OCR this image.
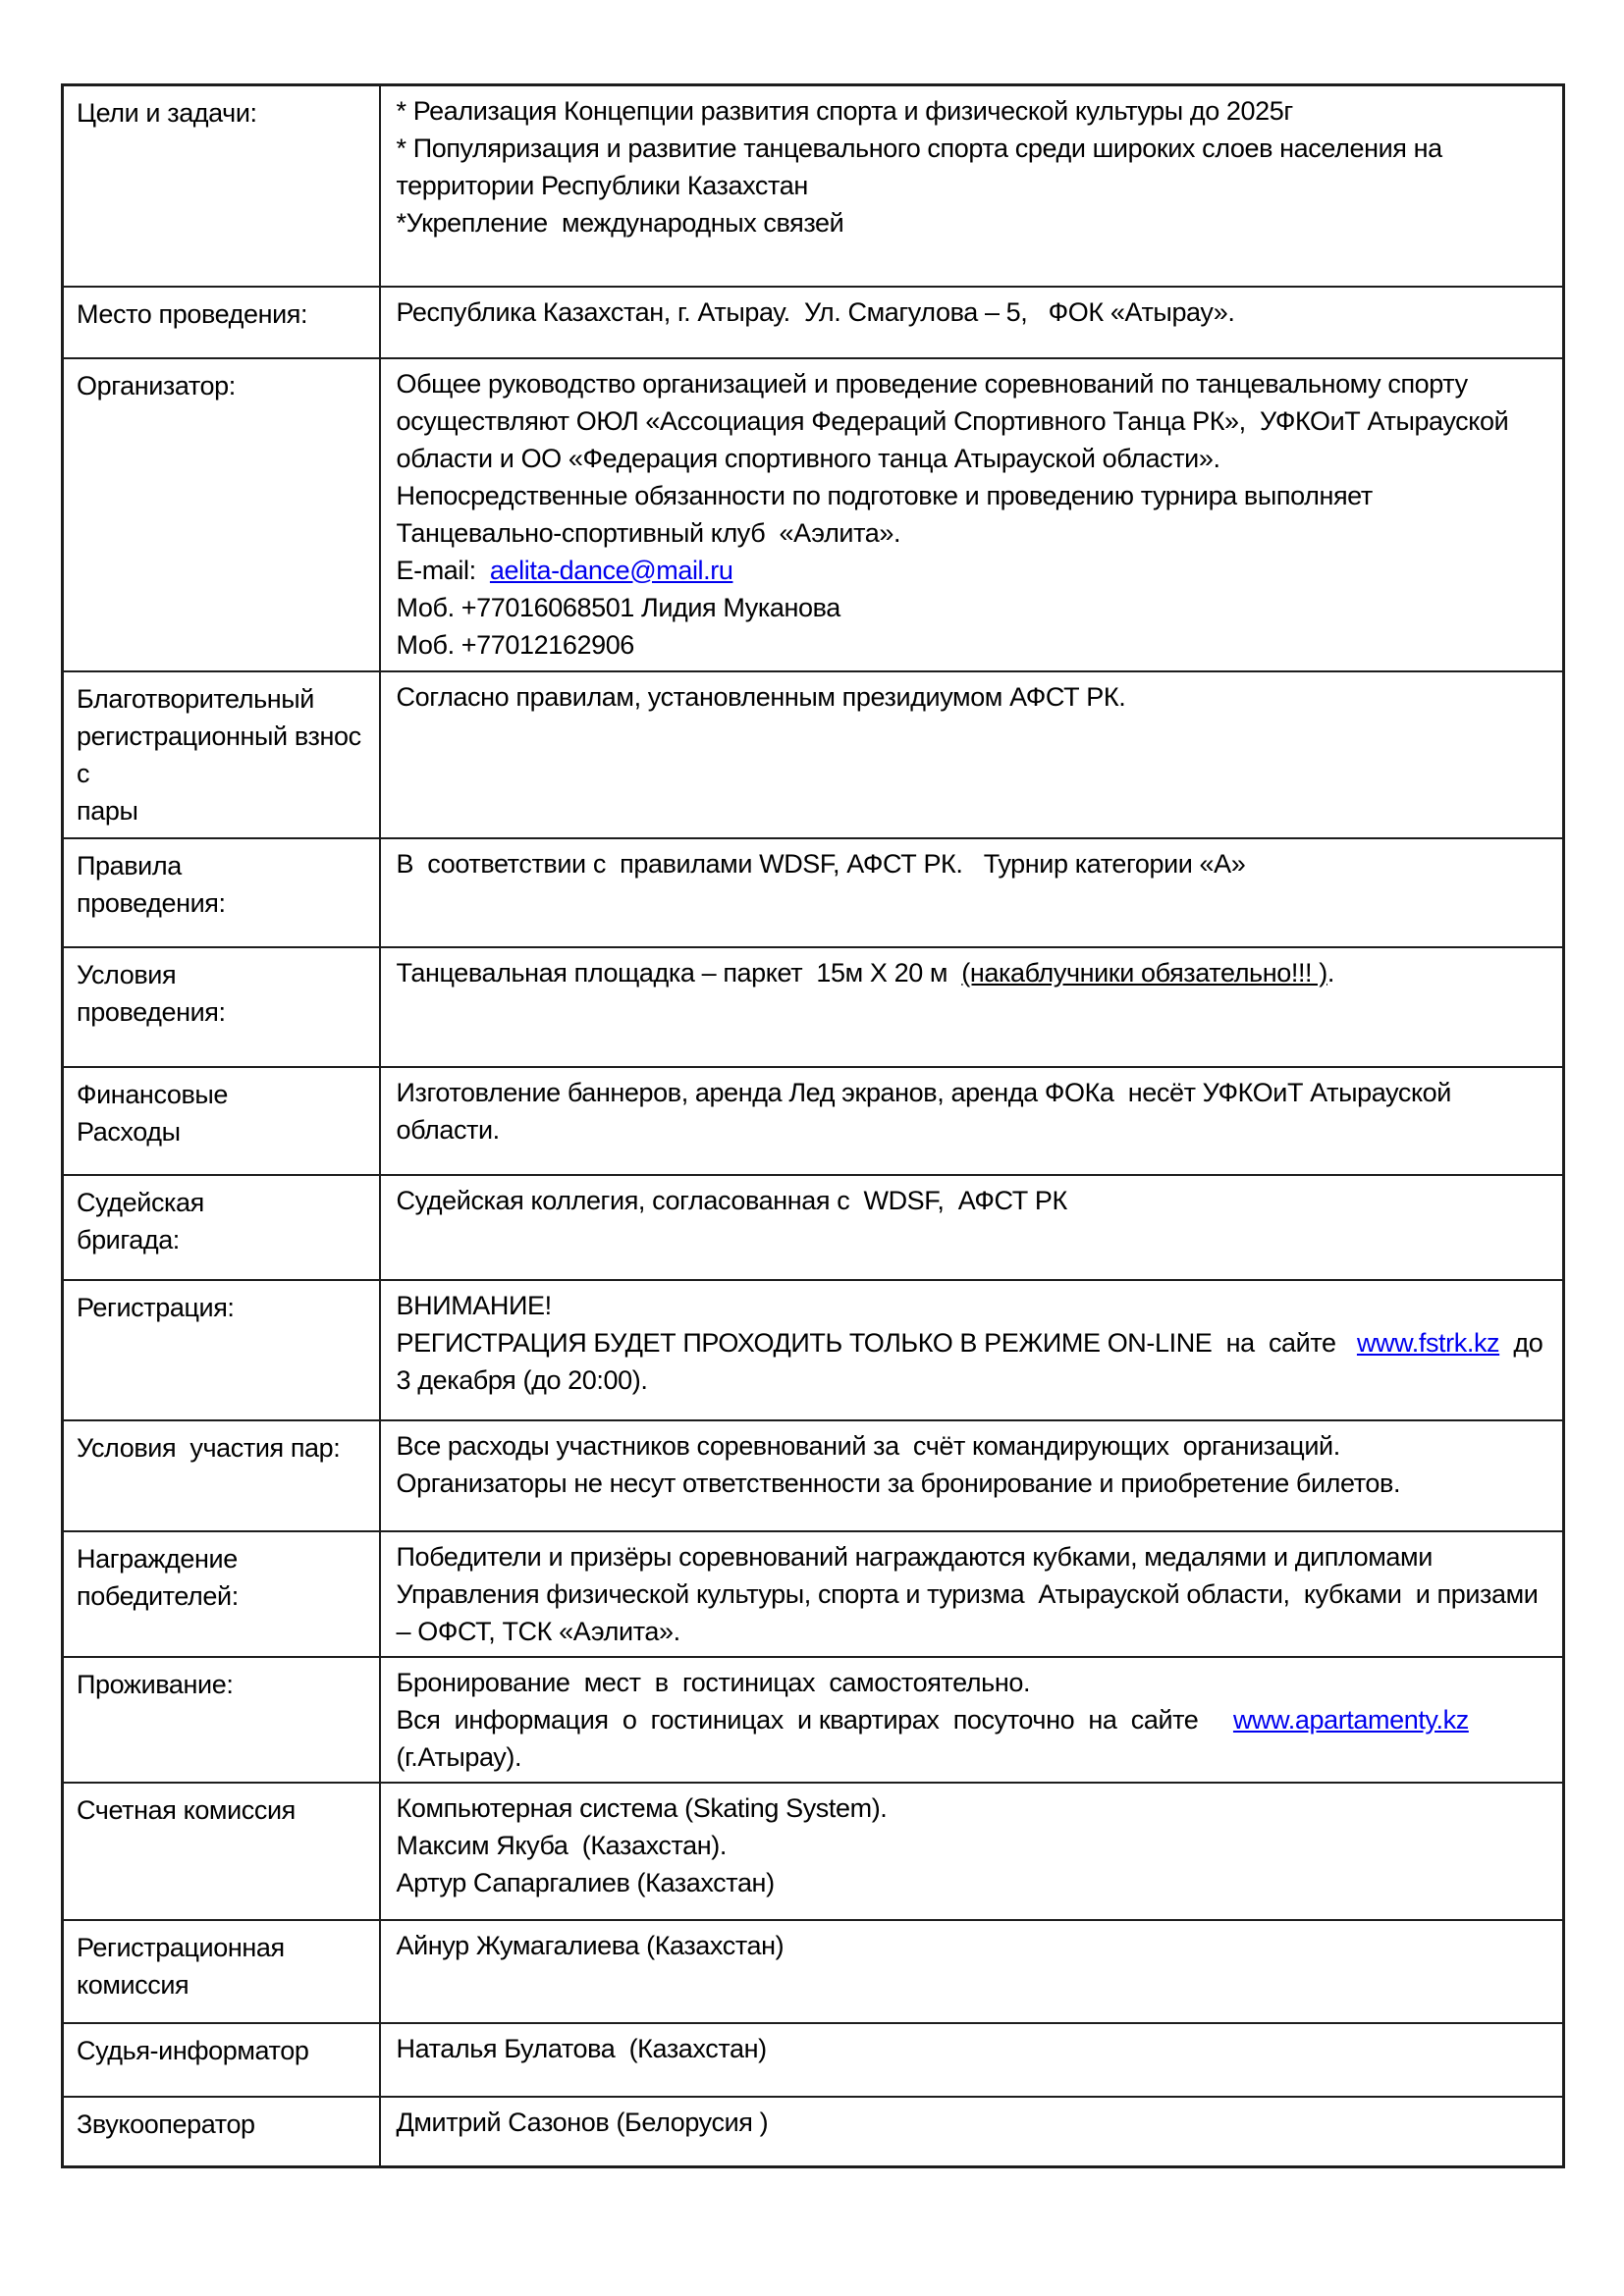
Цели и задачи:	* Реализация Концепции развития спорта и физической культуры до 2025г

* Популяризация и развитие танцевального спорта среди широких слоев населения на территории Республики Казахстан

*Укрепление  международных связей

Место проведения:	Республика Казахстан, г. Атырау.  Ул. Смагулова – 5,   ФОК «Атырау».

Организатор:	Общее руководство организацией и проведение соревнований по танцевальному спорту осуществляют ОЮЛ «Ассоциация Федераций Спортивного Танца РК»,  УФКОиТ Атырауской области и ОО «Федерация спортивного танца Атырауской области».

Непосредственные обязанности по подготовке и проведению турнира выполняет Танцевально-спортивный клуб  «Аэлита».

E-mail:  aelita-dance@mail.ru

Моб. +77016068501 Лидия Муканова

Моб. +77012162906

Благотворительный
регистрационный взнос с
пары	Согласно правилам, установленным президиумом АФСТ РК.

Правила
проведения:	В  соответствии с  правилами WDSF, АФСТ РК.   Турнир категории «А»

Условия
проведения:	Танцевальная площадка – паркет  15м Х 20 м  (накаблучники обязательно!!! ).

Финансовые
Расходы	Изготовление баннеров, аренда Лед экранов, аренда ФОКа  несёт УФКОиТ Атырауской области.

Судейская
бригада:	Судейская коллегия, согласованная с  WDSF,  АФСТ РК

Регистрация:	ВНИМАНИЕ!

РЕГИСТРАЦИЯ БУДЕТ ПРОХОДИТЬ ТОЛЬКО В РЕЖИМЕ ON-LINE  на  сайте   www.fstrk.kz  до 3 декабря (до 20:00).

Условия  участия пар:	Все расходы участников соревнований за  счёт командирующих  организаций.

Организаторы не несут ответственности за бронирование и приобретение билетов.

Награждение
победителей:	Победители и призёры соревнований награждаются кубками, медалями и дипломами Управления физической культуры, спорта и туризма  Атырауской области,  кубками  и призами – ОФСТ, ТСК «Аэлита».

Проживание:	Бронирование  мест  в  гостиницах  самостоятельно.

Вся  информация  о  гостиницах  и квартирах  посуточно  на  сайте     www.apartamenty.kz  (г.Атырау).

Счетная комиссия	Компьютерная система (Skating System).

Максим Якуба  (Казахстан).

Артур Сапаргалиев (Казахстан)

Регистрационная
комиссия	Айнур Жумагалиева (Казахстан)

Судья-информатор	Наталья Булатова  (Казахстан)

Звукооператор	Дмитрий Сазонов (Белорусия )
